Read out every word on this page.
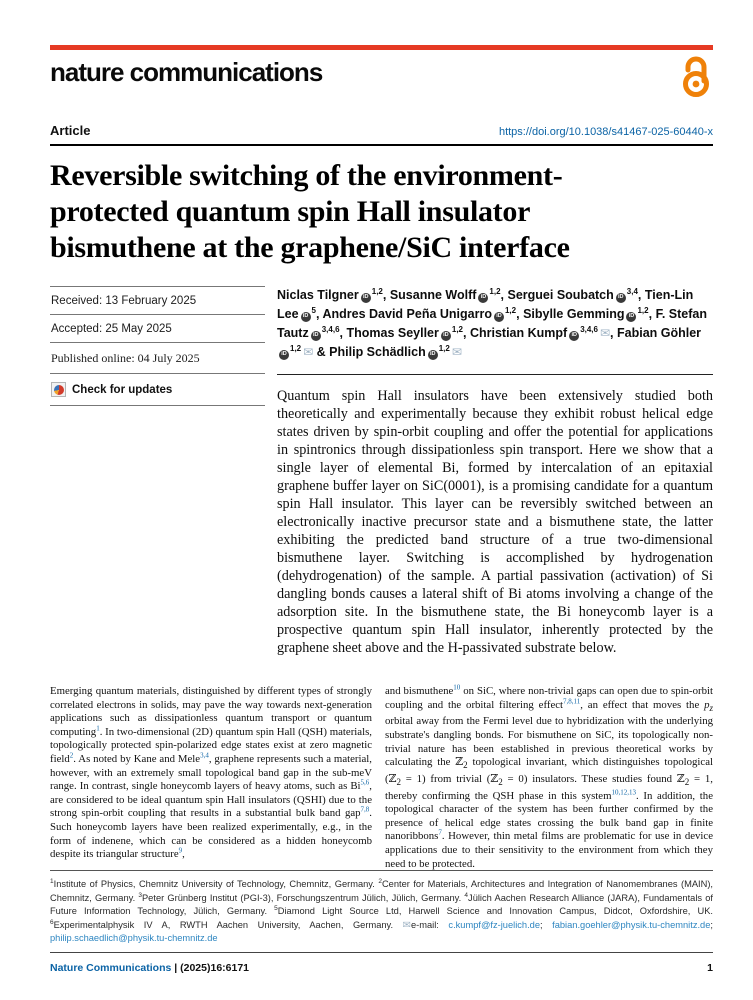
nature communications
Article	https://doi.org/10.1038/s41467-025-60440-x
Reversible switching of the environment-
protected quantum spin Hall insulator
bismuthene at the graphene/SiC interface
Received: 13 February 2025
Accepted: 25 May 2025
Published online: 04 July 2025
Check for updates

Niclas Tilgner iD$^{1,2}$, Susanne Wolff iD$^{1,2}$, Serguei Soubatch iD$^{3,4}$, Tien-Lin Lee $iD^5$, Andres David Peña Unigarro iD$^{1,2}$, Sibylle Gemming iD$^{1,2}$, F. Stefan Tautz iD$^{3,4,6}$, Thomas Seyller iD$^{1,2}$, Christian Kumpf iD$^{3,4,6}$ ✉, Fabian GöhleriD$^{1,2}$ ✉ & Philip Schädlich iD$^{1,2}$ ✉

Quantum spin Hall insulators have been extensively studied both theoretically and experimentally because they exhibit robust helical edge states driven by spin-orbit coupling and offer the potential for applications in spintronics through dissipationless spin transport. Here we show that a single layer of elemental Bi, formed by intercalation of an epitaxial graphene buffer layer on SiC(0001), is a promising candidate for a quantum spin Hall insulator. This layer can be reversibly switched between an electronically inactive precursor state and a bismuthene state, the latter exhibiting the predicted band structure of a true two-dimensional bismuthene layer. Switching is accomplished by hydrogenation (dehydrogenation) of the sample. A partial passivation (activation) of Si dangling bonds causes a lateral shift of Bi atoms involving a change of the adsorption site. In the bismuthene state, the Bi honeycomb layer is a prospective quantum spin Hall insulator, inherently protected by the graphene sheet above and the H-passivated substrate below.

Emerging quantum materials, distinguished by different types of strongly correlated electrons in solids, may pave the way towards next-generation applications such as dissipationless quantum transport or quantum computing$^1$. In two-dimensional (2D) quantum spin Hall (QSH) materials, topologically protected spin-polarized edge states exist at zero magnetic field$^2$. As noted by Kane and Mele$^{3,4}$, graphene represents such a material, however, with an extremely small topological band gap in the sub-meV range. In contrast, single honeycomb layers of heavy atoms, such as Bi$^{5,6}$, are considered to be ideal quantum spin Hall insulators (QSHI) due to the strong spin-orbit coupling that results in a substantial bulk band gap$^{7,8}$. Such honeycomb layers have been realized experimentally, e.g., in the form of indenene, which can be considered as a hidden honeycomb despite its triangular structure$^9$,
and bismuthene$^{10}$ on SiC, where non-trivial gaps can open due to spin-orbit coupling and the orbital filtering effect$^{7,8,11}$, an effect that moves the $p_z$ orbital away from the Fermi level due to hybridization with the underlying substrate's dangling bonds. For bismuthene on SiC, its topologically non-trivial nature has been established in previous theoretical works by calculating the ℤ$_2$ topological invariant, which distinguishes topological (ℤ$_2$ = 1) from trivial (ℤ$_2$ = 0) insulators. These studies found ℤ$_2$ = 1, thereby confirming the QSH phase in this system$^{10,12,13}$. In addition, the topological character of the system has been further confirmed by the presence of helical edge states crossing the bulk band gap in finite nanoribbons$^7$. However, thin metal films are problematic for use in device applications due to their sensitivity to the environment from which they need to be protected.
$^1$Institute of Physics, Chemnitz University of Technology, Chemnitz, Germany. $^2$Center for Materials, Architectures and Integration of Nanomembranes (MAIN), Chemnitz, Germany. $^3$Peter Grünberg Institut (PGI-3), Forschungszentrum Jülich, Jülich, Germany. $^4$Jülich Aachen Research Alliance (JARA), Fundamentals of Future Information Technology, Jülich, Germany. $^5$Diamond Light Source Ltd, Harwell Science and Innovation Campus, Didcot, Oxfordshire, UK. $^6$Experimentalphysik IV A, RWTH Aachen University, Aachen, Germany. ✉e-mail: c.kumpf@fz-juelich.de; fabian.goehler@physik.tu-chemnitz.de; philip.schaedlich@physik.tu-chemnitz.de
Nature Communications | (2025)16:6171	1
